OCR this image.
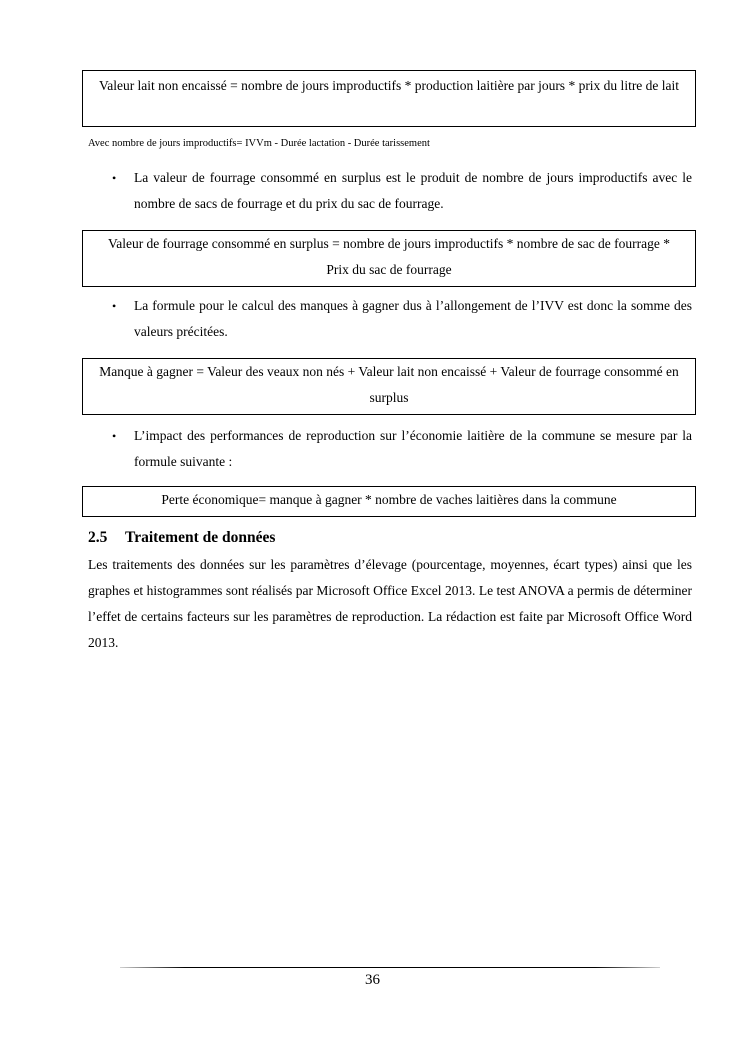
Valeur lait non encaissé = nombre de jours improductifs * production laitière par jours * prix du litre de lait
Avec nombre de jours improductifs= IVVm - Durée lactation - Durée tarissement
• La valeur de fourrage consommé en surplus est le produit de nombre de jours improductifs avec le nombre de sacs de fourrage et du prix du sac de fourrage.
Valeur de fourrage consommé en surplus = nombre de jours improductifs * nombre de sac de fourrage * Prix du sac de fourrage
• La formule pour le calcul des manques à gagner dus à l’allongement de l’IVV est donc la somme des valeurs précitées.
Manque à gagner = Valeur des veaux non nés + Valeur lait non encaissé + Valeur de fourrage consommé en surplus
• L’impact des performances de reproduction sur l’économie laitière de la commune se mesure par la formule suivante :
Perte économique= manque à gagner * nombre de vaches laitières dans la commune
2.5 Traitement de données
Les traitements des données sur les paramètres d’élevage (pourcentage, moyennes, écart types) ainsi que les graphes et histogrammes sont réalisés par Microsoft Office Excel 2013. Le test ANOVA a permis de déterminer l’effet de certains facteurs sur les paramètres de reproduction. La rédaction est faite par Microsoft Office Word 2013.
36
